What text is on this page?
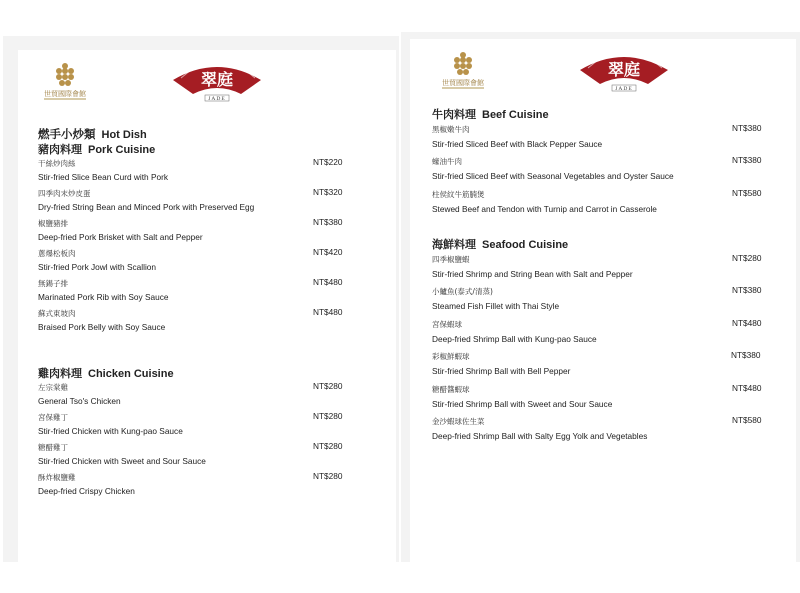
世貿國際會館
翠庭
JADE
世貿國際會館
翠庭
JADE
燃手小炒類 Hot Dish
豬肉料理 Pork Cuisine
干絲炒肉絲	NT$220
Stir-fried Slice Bean Curd with Pork
四季肉末炒皮蛋	NT$320
Dry-fried String Bean and Minced Pork with Preserved Egg
椒鹽豬排	NT$380
Deep-fried Pork Brisket with Salt and Pepper
蔥爆松板肉	NT$420
Stir-fried Pork Jowl with Scallion
無錫子排	NT$480
Marinated Pork Rib with Soy Sauce
蘇式東坡肉	NT$480
Braised Pork Belly with Soy Sauce
雞肉料理 Chicken Cuisine
左宗棠雞	NT$280
General Tso's Chicken
宮保雞丁	NT$280
Stir-fried Chicken with Kung-pao Sauce
糖醋雞丁	NT$280
Stir-fried Chicken with Sweet and Sour Sauce
酥炸椒鹽雞	NT$280
Deep-fried Crispy Chicken
牛肉料理 Beef Cuisine
黑椒嫩牛肉	NT$380
Stir-fried Sliced Beef with Black Pepper Sauce
蠔油牛肉	NT$380
Stir-fried Sliced Beef with Seasonal Vegetables and Oyster Sauce
柱侯紋牛筋腩煲	NT$580
Stewed Beef and Tendon with Turnip and Carrot in Casserole
海鮮料理 Seafood Cuisine
四季椒鹽蝦	NT$280
Stir-fried Shrimp and String Bean with Salt and Pepper
小鱸魚(泰式/清蒸)	NT$380
Steamed Fish Fillet with Thai Style
宮保蝦球	NT$480
Deep-fried Shrimp Ball with Kung-pao Sauce
彩椒鮮蝦球	NT$380
Stir-fried Shrimp Ball with Bell Pepper
糖醋醬蝦球	NT$480
Stir-fried Shrimp Ball with Sweet and Sour Sauce
金沙蝦球佐生菜	NT$580
Deep-fried Shrimp Ball with Salty Egg Yolk and Vegetables
